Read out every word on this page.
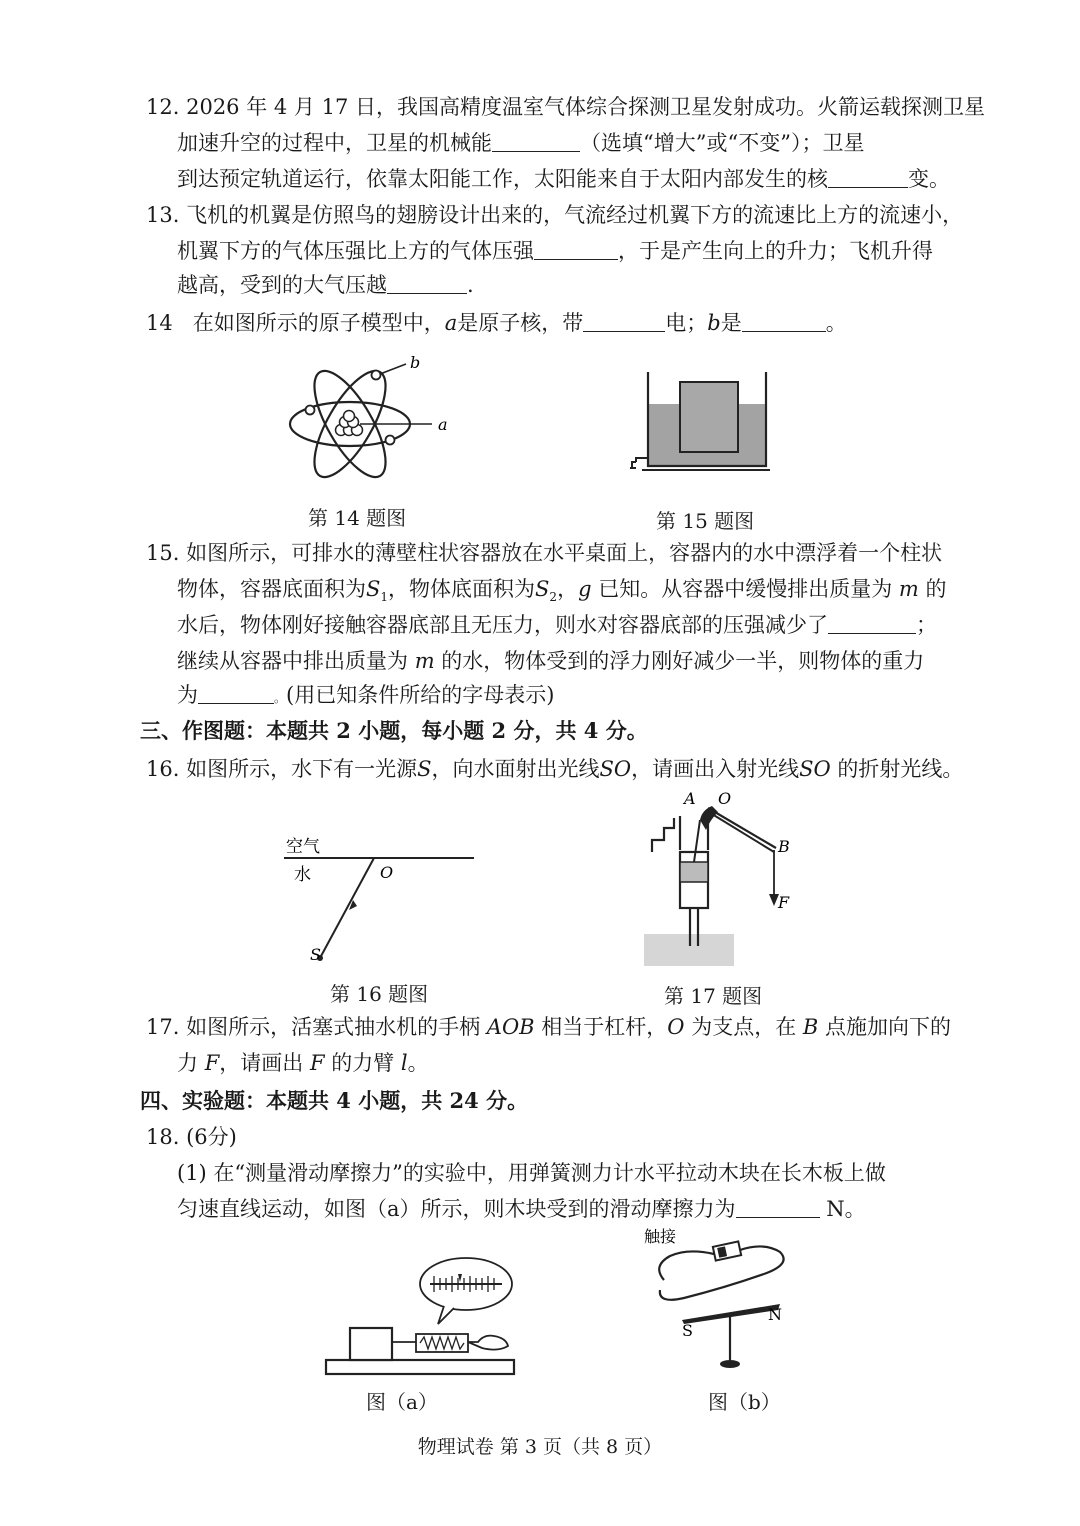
12. 2026 年 4 月 17 日，我国高精度温室气体综合探测卫星发射成功。火箭运载探测卫星
加速升空的过程中，卫星的机械能	（选填“增大”或“不变”）；卫星
到达预定轨道运行，依靠太阳能工作，太阳能来自于太阳内部发生的核	变。
13. 飞机的机翼是仿照鸟的翅膀设计出来的，气流经过机翼下方的流速比上方的流速小，
机翼下方的气体压强比上方的气体压强	，于是产生向上的升力；飞机升得
越高，受到的大气压越	.
14 在如图所示的原子模型中，a是原子核，带	电；b是	。
a
b
第 14 题图	第 15 题图
15. 如图所示，可排水的薄壁柱状容器放在水平桌面上，容器内的水中漂浮着一个柱状
物体，容器底面积为$S_1$，物体底面积为$S_2$，g 已知。从容器中缓慢排出质量为 m 的
水后，物体刚好接触容器底部且无压力，则水对容器底部的压强减少了	；
继续从容器中排出质量为 m 的水，物体受到的浮力刚好减少一半，则物体的重力
为	。(用已知条件所给的字母表示)
三、作图题：本题共 2 小题，每小题 2 分，共 4 分。
16. 如图所示，水下有一光源S，向水面射出光线SO，请画出入射光线SO 的折射光线。
空气
水	O
S
第 16 题图
A O
B
F
第 17 题图
17. 如图所示，活塞式抽水机的手柄 AOB 相当于杠杆，O 为支点，在 B 点施加向下的
力 F，请画出 F 的力臂 l。
四、实验题：本题共 4 小题，共 24 分。
18. (6分)
(1) 在“测量滑动摩擦力”的实验中，用弹簧测力计水平拉动木块在长木板上做
匀速直线运动，如图（a）所示，则木块受到的滑动摩擦力为	N。
图（a）
触接
S
N
图（b）
物理试卷 第 3 页（共 8 页）
